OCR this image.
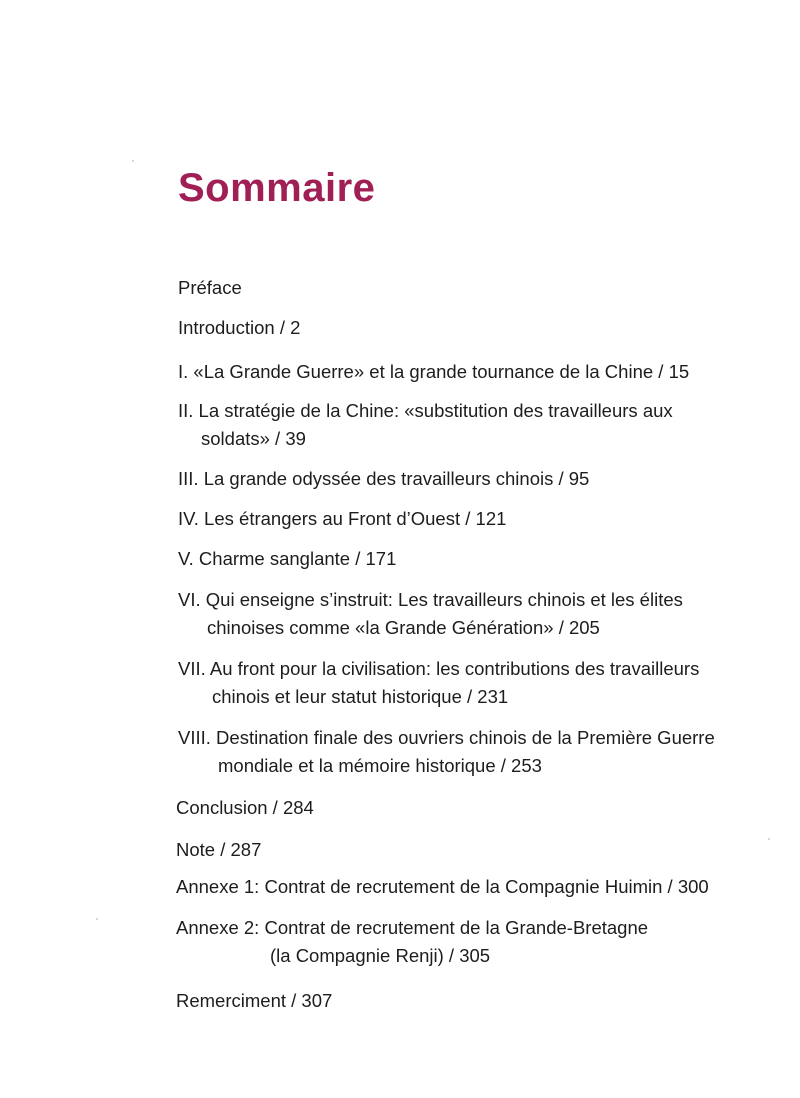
Sommaire
Préface
Introduction / 2
I. «La Grande Guerre» et la grande tournance de la Chine / 15
II. La stratégie de la Chine: «substitution des travailleurs aux
soldats» / 39
III. La grande odyssée des travailleurs chinois / 95
IV. Les étrangers au Front d’Ouest / 121
V. Charme sanglante / 171
VI. Qui enseigne s’instruit: Les travailleurs chinois et les élites
chinoises comme «la Grande Génération» / 205
VII. Au front pour la civilisation: les contributions des travailleurs
chinois et leur statut historique / 231
VIII. Destination finale des ouvriers chinois de la Première Guerre
mondiale et la mémoire historique / 253
Conclusion / 284
Note / 287
Annexe 1: Contrat de recrutement de la Compagnie Huimin / 300
Annexe 2: Contrat de recrutement de la Grande-Bretagne
(la Compagnie Renji) / 305
Remerciment / 307
